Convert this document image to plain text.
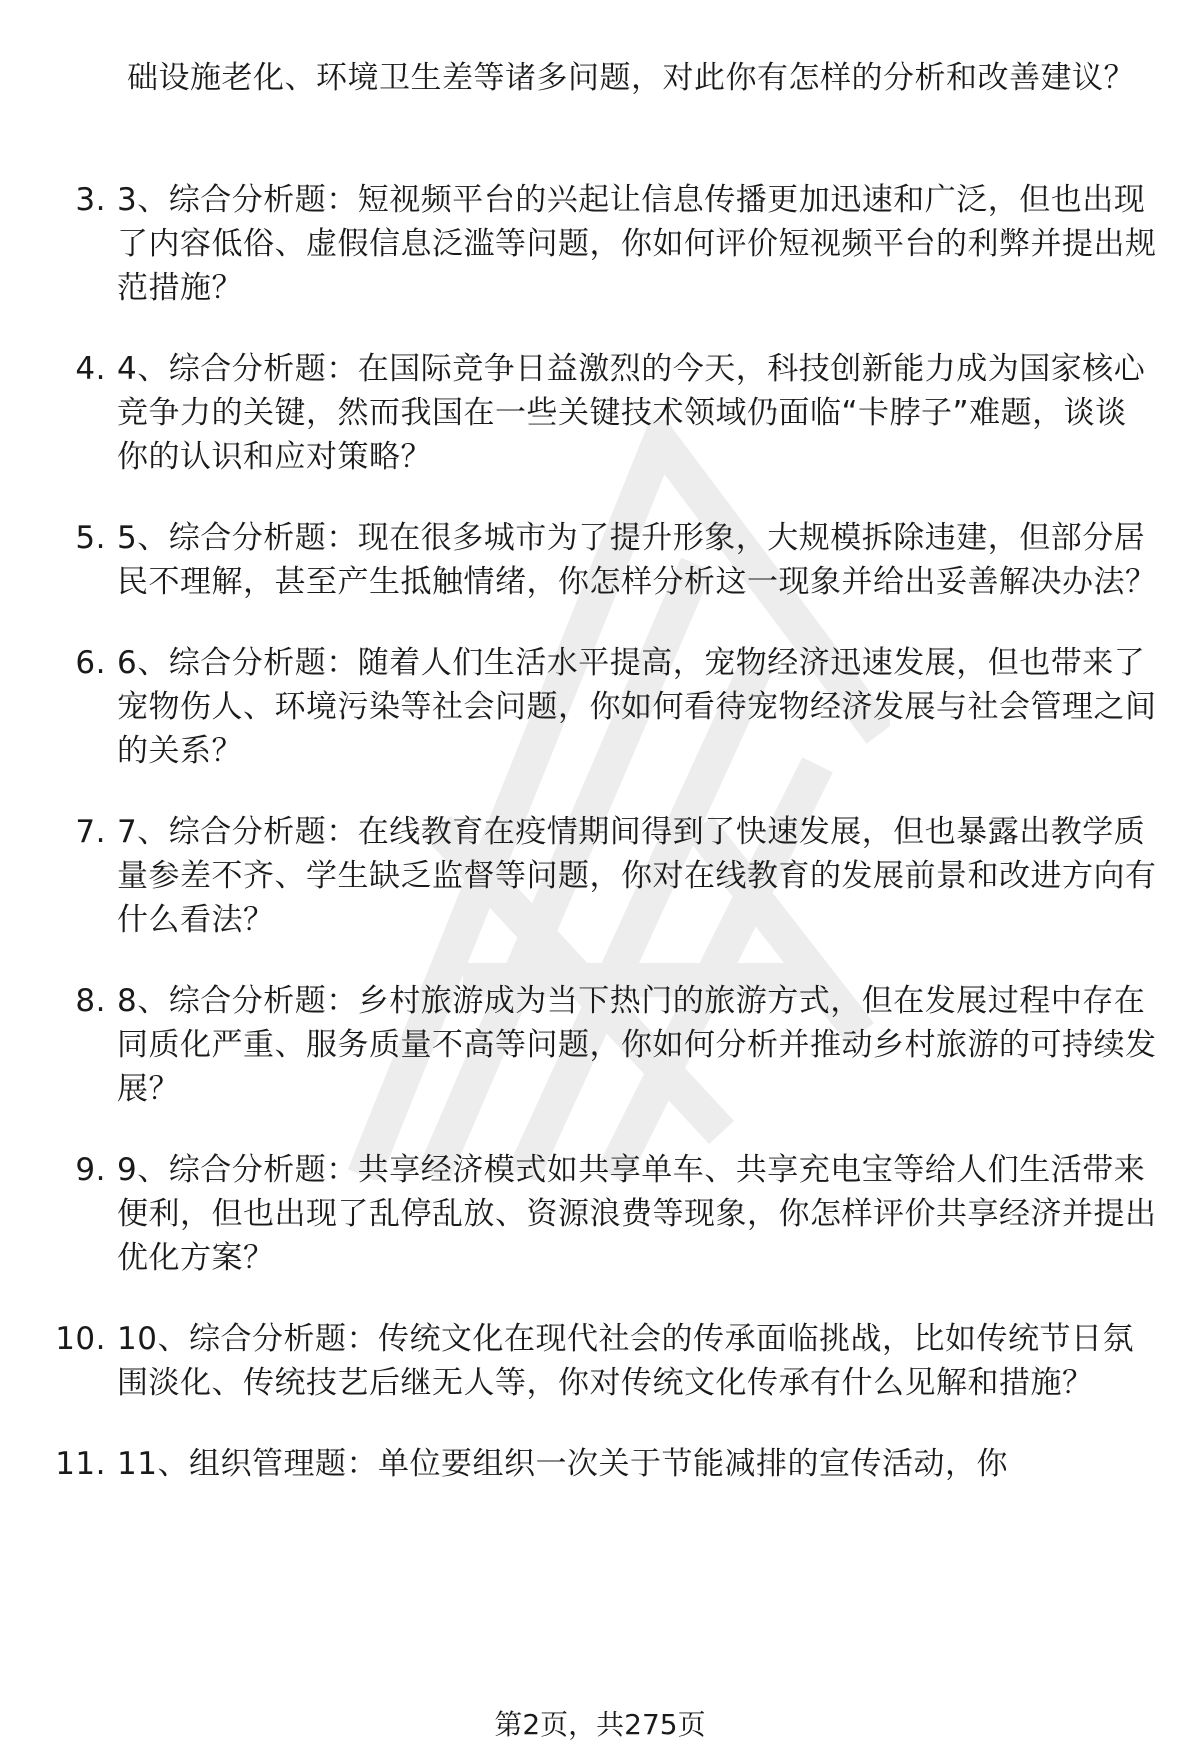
础设施老化、环境卫生差等诸多问题，对此你有怎样的分析和改善建议？
3. 3、综合分析题：短视频平台的兴起让信息传播更加迅速和广泛，但也出现了内容低俗、虚假信息泛滥等问题，你如何评价短视频平台的利弊并提出规范措施？
4. 4、综合分析题：在国际竞争日益激烈的今天，科技创新能力成为国家核心竞争力的关键，然而我国在一些关键技术领域仍面临“卡脖子”难题，谈谈你的认识和应对策略？
5. 5、综合分析题：现在很多城市为了提升形象，大规模拆除违建，但部分居民不理解，甚至产生抵触情绪，你怎样分析这一现象并给出妥善解决办法？
6. 6、综合分析题：随着人们生活水平提高，宠物经济迅速发展，但也带来了宠物伤人、环境污染等社会问题，你如何看待宠物经济发展与社会管理之间的关系？
7. 7、综合分析题：在线教育在疫情期间得到了快速发展，但也暴露出教学质量参差不齐、学生缺乏监督等问题，你对在线教育的发展前景和改进方向有什么看法？
8. 8、综合分析题：乡村旅游成为当下热门的旅游方式，但在发展过程中存在同质化严重、服务质量不高等问题，你如何分析并推动乡村旅游的可持续发展？
9. 9、综合分析题：共享经济模式如共享单车、共享充电宝等给人们生活带来便利，但也出现了乱停乱放、资源浪费等现象，你怎样评价共享经济并提出优化方案？
10. 10、综合分析题：传统文化在现代社会的传承面临挑战，比如传统节日氛围淡化、传统技艺后继无人等，你对传统文化传承有什么见解和措施？
11. 11、组织管理题：单位要组织一次关于节能减排的宣传活动，你
第2页，共275页
